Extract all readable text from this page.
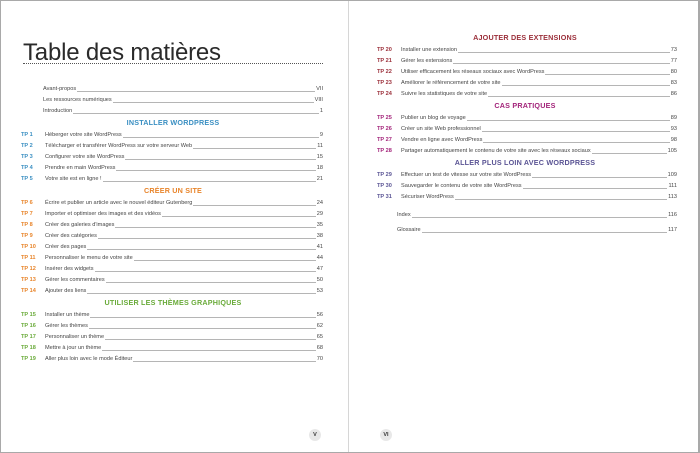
Table des matières
Avant-propos	VII
Les ressources numériques	VIII
Introduction	1
INSTALLER WORDPRESS
TP 1	Héberger votre site WordPress	9
TP 2	Télécharger et transférer WordPress sur votre serveur Web	11
TP 3	Configurer votre site WordPress	15
TP 4	Prendre en main WordPress	18
TP 5	Votre site est en ligne !	21
CRÉER UN SITE
TP 6	Écrire et publier un article avec le nouvel éditeur Gutenberg	24
TP 7	Importer et optimiser des images et des vidéos	29
TP 8	Créer des galeries d'images	35
TP 9	Créer des catégories	38
TP 10	Créer des pages	41
TP 11	Personnaliser le menu de votre site	44
TP 12	Insérer des widgets	47
TP 13	Gérer les commentaires	50
TP 14	Ajouter des liens	53
UTILISER LES THÈMES GRAPHIQUES
TP 15	Installer un thème	56
TP 16	Gérer les thèmes	62
TP 17	Personnaliser un thème	65
TP 18	Mettre à jour un thème	68
TP 19	Aller plus loin avec le mode Éditeur	70
V
AJOUTER DES EXTENSIONS
TP 20	Installer une extension	73
TP 21	Gérer les extensions	77
TP 22	Utiliser efficacement les réseaux sociaux avec WordPress	80
TP 23	Améliorer le référencement de votre site	83
TP 24	Suivre les statistiques de votre site	86
CAS PRATIQUES
TP 25	Publier un blog de voyage	89
TP 26	Créer un site Web professionnel	93
TP 27	Vendre en ligne avec WordPress	98
TP 28	Partager automatiquement le contenu de votre site avec les réseaux sociaux	105
ALLER PLUS LOIN AVEC WORDPRESS
TP 29	Effectuer un test de vitesse sur votre site WordPress	109
TP 30	Sauvegarder le contenu de votre site WordPress	111
TP 31	Sécuriser WordPress	113
Index	116
Glossaire	117
VI
